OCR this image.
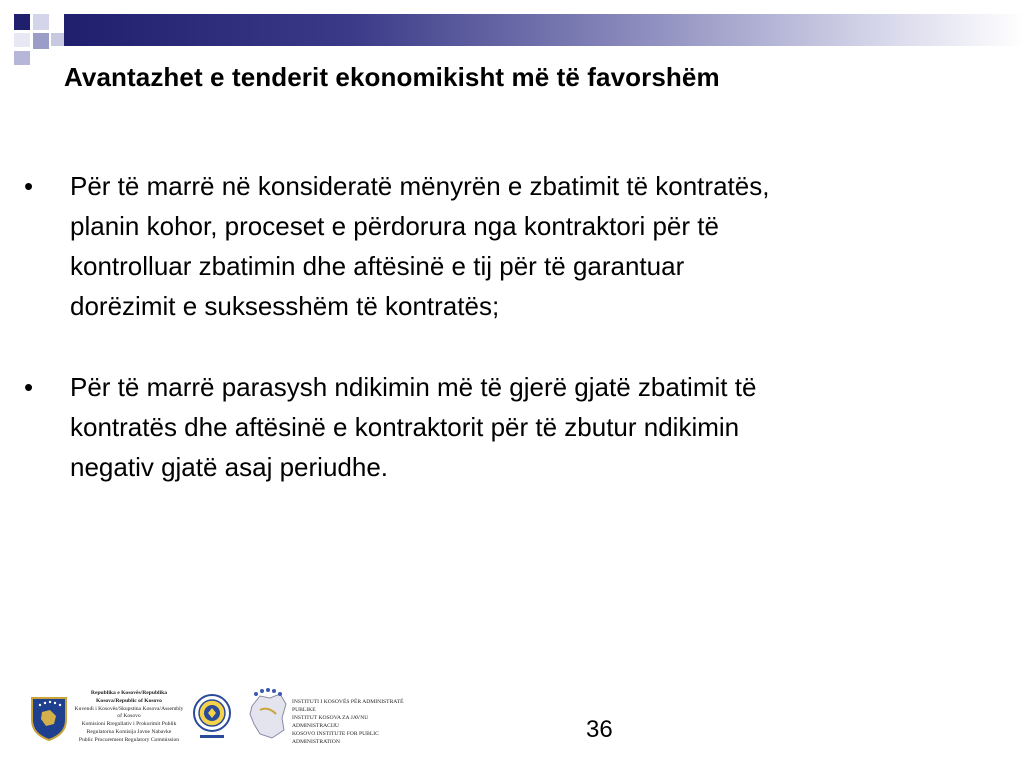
Avantazhet e tenderit ekonomikisht më të favorshëm
• Për të marrë në konsideratë mënyrën e zbatimit të kontratës,
planin kohor, proceset e përdorura nga kontraktori për të
kontrolluar zbatimin dhe aftësinë e tij për të garantuar
dorëzimit e suksesshëm të kontratës;
• Për të marrë parasysh ndikimin më të gjerë gjatë zbatimit të
kontratës dhe aftësinë e kontraktorit për të zbutur ndikimin
negativ gjatë asaj periudhe.
Republika e Kosovës/Republika Kosova/Republic of Kosovo
Kuvendi i Kosovës/Skupstina Kosova/Assembly of Kosovo
Komisioni Rregullativ i Prokurimit Publik
Regulatorna Komisija Javne Nabavke
Public Procurement Regulatory Commission
INSTITUTI I KOSOVËS PËR ADMINISTRATË PUBLIKE
INSTITUT KOSOVA ZA JAVNU ADMINISTRACIJU
KOSOVO INSTITUTE FOR PUBLIC ADMINISTRATION	36
